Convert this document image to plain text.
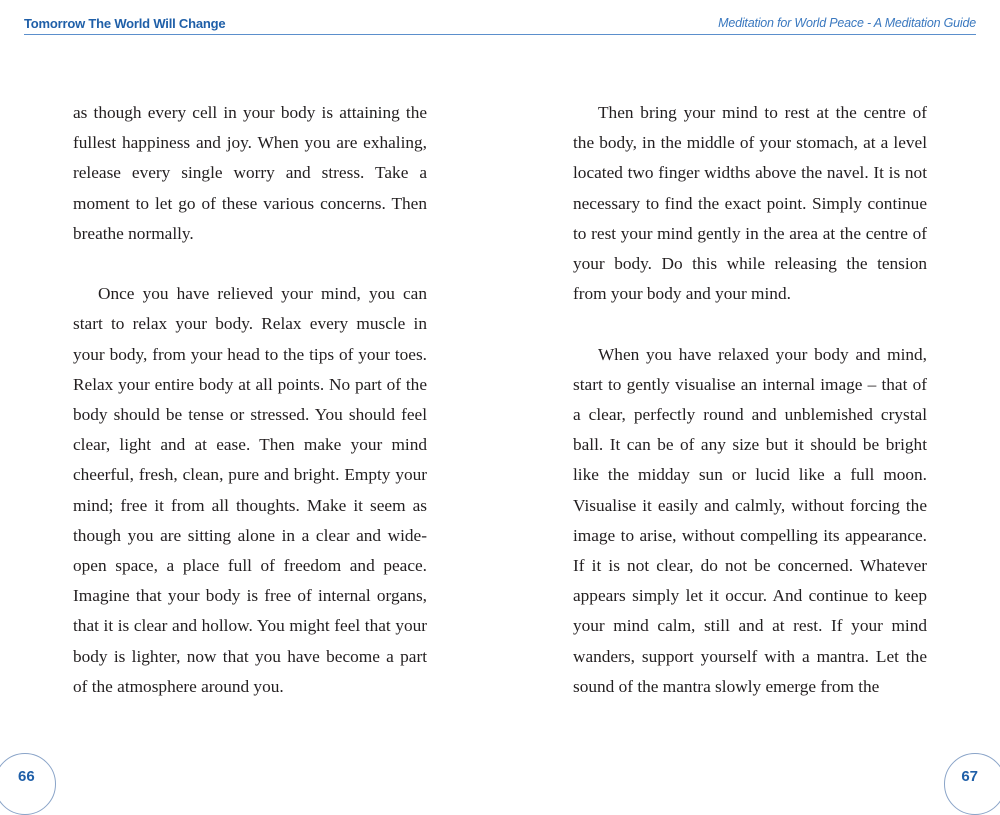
Tomorrow The World Will Change	Meditation for World Peace - A Meditation Guide

as though every cell in your body is attaining the fullest happiness and joy. When you are exhaling, release every single worry and stress. Take a moment to let go of these various concerns. Then breathe normally.

Once you have relieved your mind, you can start to relax your body. Relax every muscle in your body, from your head to the tips of your toes. Relax your entire body at all points. No part of the body should be tense or stressed. You should feel clear, light and at ease. Then make your mind cheerful, fresh, clean, pure and bright. Empty your mind; free it from all thoughts. Make it seem as though you are sitting alone in a clear and wide-open space, a place full of freedom and peace. Imagine that your body is free of internal organs, that it is clear and hollow. You might feel that your body is lighter, now that you have become a part of the atmosphere around you.

Then bring your mind to rest at the centre of the body, in the middle of your stomach, at a level located two finger widths above the navel. It is not necessary to find the exact point. Simply continue to rest your mind gently in the area at the centre of your body. Do this while releasing the tension from your body and your mind.

When you have relaxed your body and mind, start to gently visualise an internal image – that of a clear, perfectly round and unblemished crystal ball. It can be of any size but it should be bright like the midday sun or lucid like a full moon. Visualise it easily and calmly, without forcing the image to arise, without compelling its appearance. If it is not clear, do not be concerned. Whatever appears simply let it occur. And continue to keep your mind calm, still and at rest. If your mind wanders, support yourself with a mantra. Let the sound of the mantra slowly emerge from the

66	67
